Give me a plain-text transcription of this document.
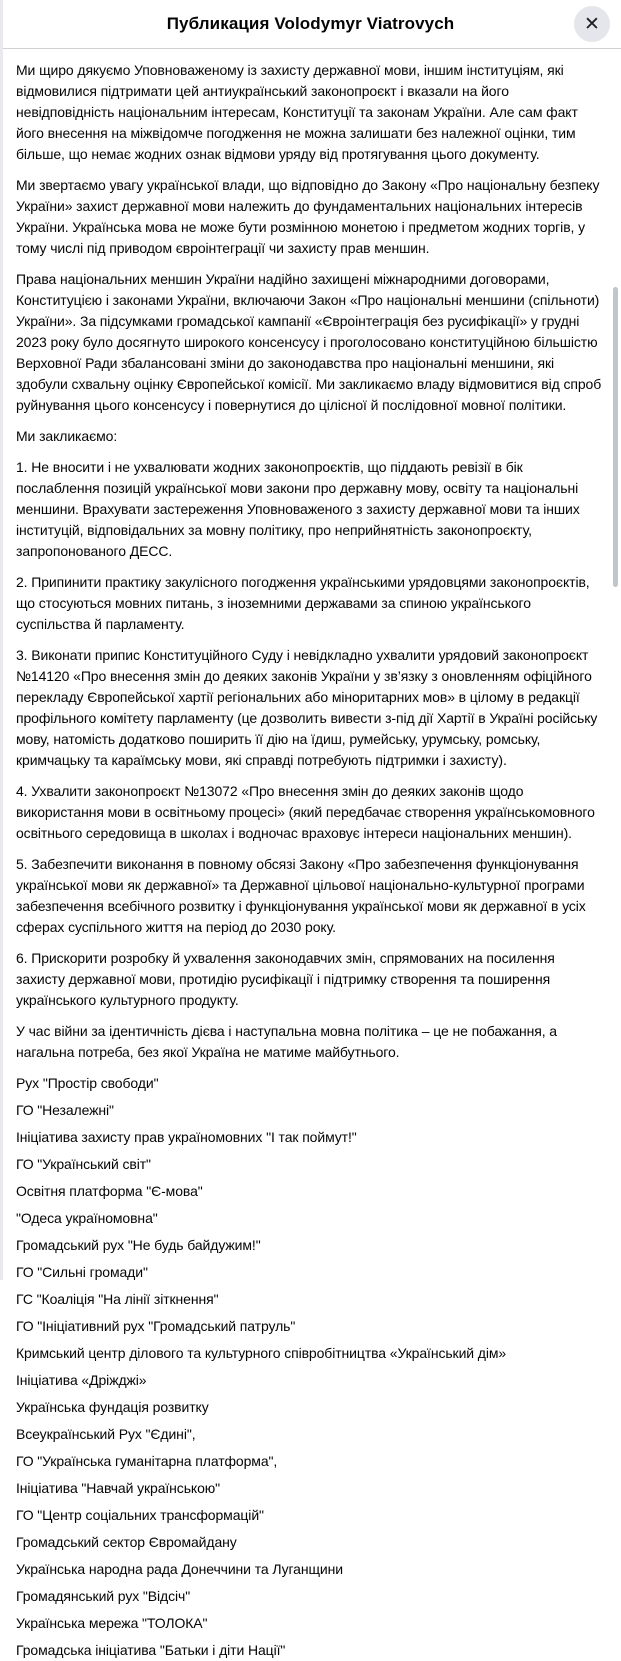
Публикация Volodymyr Viatrovych	✕
Ми щиро дякуємо Уповноваженому із захисту державної мови, іншим інституціям, які відмовилися підтримати цей антиукраїнський законопроєкт і вказали на його невідповідність національним інтересам, Конституції та законам України. Але сам факт його внесення на міжвідомче погодження не можна залишати без належної оцінки, тим більше, що немає жодних ознак відмови уряду від протягування цього документу.
Ми звертаємо увагу української влади, що відповідно до Закону «Про національну безпеку України» захист державної мови належить до фундаментальних національних інтересів України. Українська мова не може бути розмінною монетою і предметом жодних торгів, у тому числі під приводом євроінтеграції чи захисту прав меншин.
Права національних меншин України надійно захищені міжнародними договорами, Конституцією і законами України, включаючи Закон «Про національні меншини (спільноти) України». За підсумками громадської кампанії «Євроінтеграція без русифікації» у грудні 2023 року було досягнуто широкого консенсусу і проголосовано конституційною більшістю Верховної Ради збалансовані зміни до законодавства про національні меншини, які здобули схвальну оцінку Європейської комісії. Ми закликаємо владу відмовитися від спроб руйнування цього консенсусу і повернутися до цілісної й послідовної мовної політики.
Ми закликаємо:
1. Не вносити і не ухвалювати жодних законопроєктів, що піддають ревізії в бік послаблення позицій української мови закони про державну мову, освіту та національні меншини. Врахувати застереження Уповноваженого з захисту державної мови та інших інституцій, відповідальних за мовну політику, про неприйнятність законопроєкту, запропонованого ДЕСС.
2. Припинити практику закулісного погодження українськими урядовцями законопроєктів, що стосуються мовних питань, з іноземними державами за спиною українського суспільства й парламенту.
3. Виконати припис Конституційного Суду і невідкладно ухвалити урядовий законопроєкт №14120 «Про внесення змін до деяких законів України у зв’язку з оновленням офіційного перекладу Європейської хартії регіональних або міноритарних мов» в цілому в редакції профільного комітету парламенту (це дозволить вивести з-під дії Хартії в Україні російську мову, натомість додатково поширить її дію на їдиш, румейську, урумську, ромську, кримчацьку та караїмську мови, які справді потребують підтримки і захисту).
4. Ухвалити законопроєкт №13072 «Про внесення змін до деяких законів щодо використання мови в освітньому процесі» (який передбачає створення українськомовного освітнього середовища в школах і водночас враховує інтереси національних меншин).
5. Забезпечити виконання в повному обсязі Закону «Про забезпечення функціонування української мови як державної» та Державної цільової національно-культурної програми забезпечення всебічного розвитку і функціонування української мови як державної в усіх сферах суспільного життя на період до 2030 року.
6. Прискорити розробку й ухвалення законодавчих змін, спрямованих на посилення захисту державної мови, протидію русифікації і підтримку створення та поширення українського культурного продукту.
У час війни за ідентичність дієва і наступальна мовна політика – це не побажання, а нагальна потреба, без якої Україна не матиме майбутнього.
Рух "Простір свободи"
ГО "Незалежні"
Ініціатива захисту прав україномовних "І так поймут!"
ГО "Український світ"
Освітня платформа "Є-мова"
"Одеса україномовна"
Громадський рух "Не будь байдужим!"
ГО "Сильні громади"
ГС "Коаліція "На лінії зіткнення"
ГО "Ініціативний рух "Громадський патруль"
Кримський центр ділового та культурного співробітництва «Український дім»
Ініціатива «Дріжджі»
Українська фундація розвитку
Всеукраїнський Рух "Єдині",
ГО "Українська гуманітарна платформа",
Ініціатива "Навчай українською"
ГО "Центр соціальних трансформацій"
Громадський сектор Євромайдану
Українська народна рада Донеччини та Луганщини
Громадянський рух "Відсіч"
Українська мережа "ТОЛОКА"
Громадська ініціатива "Батьки і діти Нації"
